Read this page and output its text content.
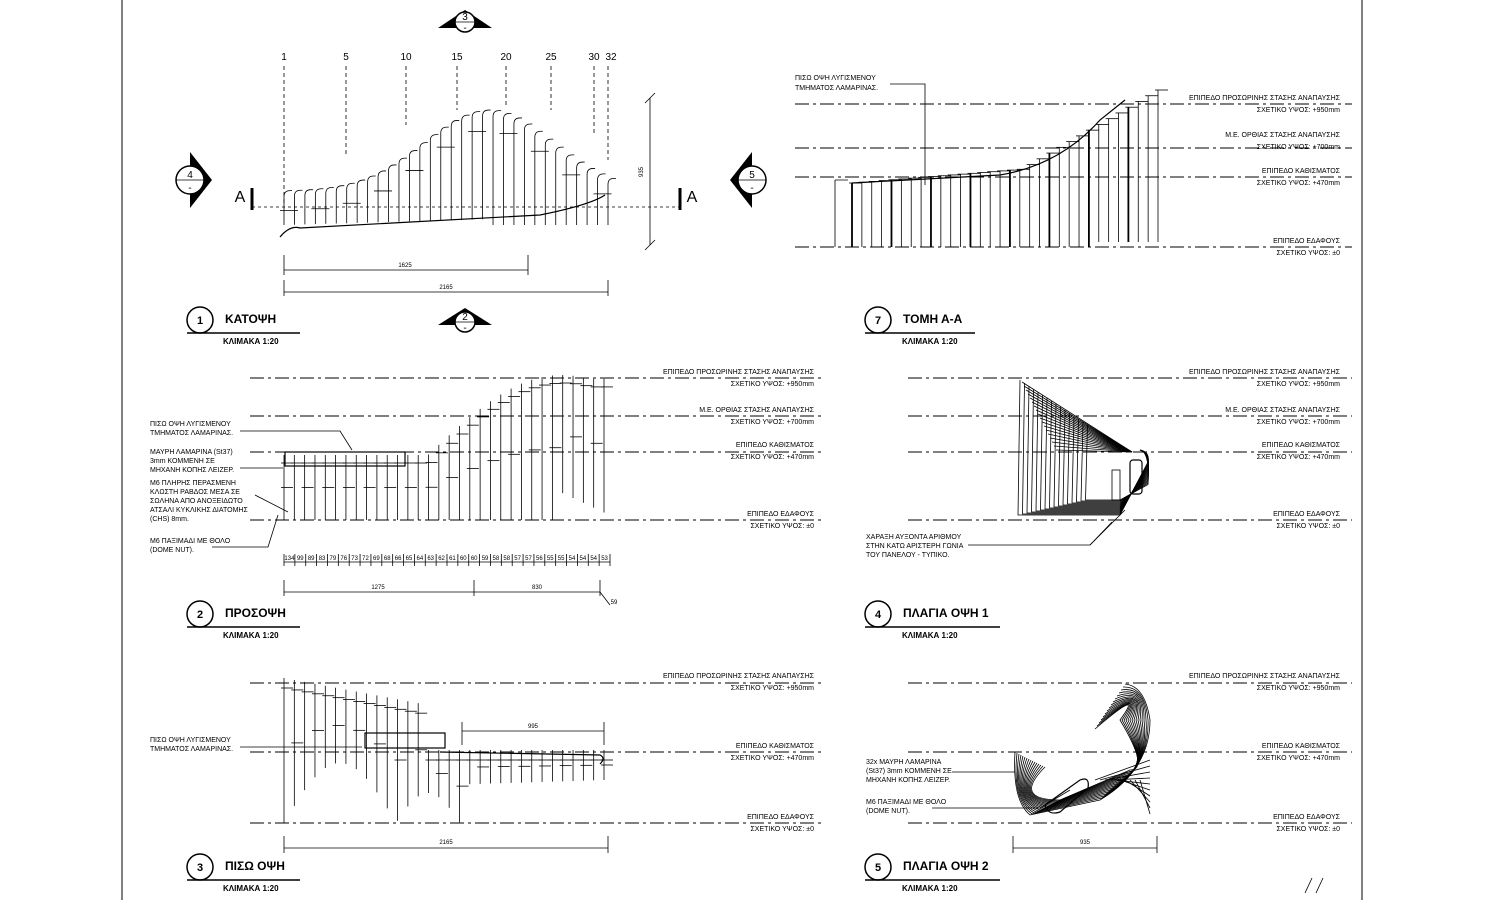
1	5	10	15	20	25	30 32
3
-
4
-
5
-
2
-
A	A
935
1625
2165
1 ΚΑΤΟΨΗ
ΚΛΙΜΑΚΑ 1:20
ΕΠΙΠΕΔΟ ΠΡΟΣΩΡΙΝΗΣ ΣΤΑΣΗΣ ΑΝΑΠΑΥΣΗΣ
ΣΧΕΤΙΚΟ ΥΨΟΣ: +950mm
Μ.Ε. ΟΡΘΙΑΣ ΣΤΑΣΗΣ ΑΝΑΠΑΥΣΗΣ
ΣΧΕΤΙΚΟ ΥΨΟΣ: +700mm
ΕΠΙΠΕΔΟ ΚΑΘΙΣΜΑΤΟΣ
ΣΧΕΤΙΚΟ ΥΨΟΣ: +470mm
ΕΠΙΠΕΔΟ ΕΔΑΦΟΥΣ
ΣΧΕΤΙΚΟ ΥΨΟΣ: ±0
ΠΙΣΩ ΟΨΗ ΛΥΓΙΣΜΕΝΟΥ
ΤΜΗΜΑΤΟΣ ΛΑΜΑΡΙΝΑΣ.
7 ΤΟΜΗ Α-Α
ΚΛΙΜΑΚΑ 1:20
ΕΠΙΠΕΔΟ ΠΡΟΣΩΡΙΝΗΣ ΣΤΑΣΗΣ ΑΝΑΠΑΥΣΗΣ
ΣΧΕΤΙΚΟ ΥΨΟΣ: +950mm
Μ.Ε. ΟΡΘΙΑΣ ΣΤΑΣΗΣ ΑΝΑΠΑΥΣΗΣ
ΣΧΕΤΙΚΟ ΥΨΟΣ: +700mm
ΕΠΙΠΕΔΟ ΚΑΘΙΣΜΑΤΟΣ
ΣΧΕΤΙΚΟ ΥΨΟΣ: +470mm
ΕΠΙΠΕΔΟ ΕΔΑΦΟΥΣ
ΣΧΕΤΙΚΟ ΥΨΟΣ: ±0
ΠΙΣΩ ΟΨΗ ΛΥΓΙΣΜΕΝΟΥ
ΤΜΗΜΑΤΟΣ ΛΑΜΑΡΙΝΑΣ.
ΜΑΥΡΗ ΛΑΜΑΡΙΝΑ (St37)
3mm ΚΟΜΜΕΝΗ ΣΕ
ΜΗΧΑΝΗ ΚΟΠΗΣ ΛΕΙΖΕΡ.
Μ6 ΠΛΗΡΗΣ ΠΕΡΑΣΜΕΝΗ
ΚΛΩΣΤΗ ΡΑΒΔΟΣ ΜΕΣΑ ΣΕ
ΣΩΛΗΝΑ ΑΠΟ ΑΝΟΞΕΙΔΩΤΟ
ΑΤΣΑΛΙ ΚΥΚΛΙΚΗΣ ΔΙΑΤΟΜΗΣ
(CHS) 8mm.
Μ6 ΠΑΞΙΜΑΔΙ ΜΕ ΘΟΛΟ
(DOME NUT).
134 99 89 83 79 76 73 72 69 68 66 65 64 63 62 61 60 60 59 58 58 57 57 56 55 55 54 54 54 53
1275	830
59
2 ΠΡΟΣΟΨΗ
ΚΛΙΜΑΚΑ 1:20
ΕΠΙΠΕΔΟ ΠΡΟΣΩΡΙΝΗΣ ΣΤΑΣΗΣ ΑΝΑΠΑΥΣΗΣ
ΣΧΕΤΙΚΟ ΥΨΟΣ: +950mm
Μ.Ε. ΟΡΘΙΑΣ ΣΤΑΣΗΣ ΑΝΑΠΑΥΣΗΣ
ΣΧΕΤΙΚΟ ΥΨΟΣ: +700mm
ΕΠΙΠΕΔΟ ΚΑΘΙΣΜΑΤΟΣ
ΣΧΕΤΙΚΟ ΥΨΟΣ: +470mm
ΕΠΙΠΕΔΟ ΕΔΑΦΟΥΣ
ΣΧΕΤΙΚΟ ΥΨΟΣ: ±0
ΧΑΡΑΞΗ ΑΥΞΟΝΤΑ ΑΡΙΘΜΟΥ
ΣΤΗΝ ΚΑΤΩ ΑΡΙΣΤΕΡΗ ΓΩΝΙΑ
ΤΟΥ ΠΑΝΕΛΟΥ - ΤΥΠΙΚΟ.
4 ΠΛΑΓΙΑ ΟΨΗ 1
ΚΛΙΜΑΚΑ 1:20
ΕΠΙΠΕΔΟ ΠΡΟΣΩΡΙΝΗΣ ΣΤΑΣΗΣ ΑΝΑΠΑΥΣΗΣ
ΣΧΕΤΙΚΟ ΥΨΟΣ: +950mm
ΕΠΙΠΕΔΟ ΚΑΘΙΣΜΑΤΟΣ
ΣΧΕΤΙΚΟ ΥΨΟΣ: +470mm
ΕΠΙΠΕΔΟ ΕΔΑΦΟΥΣ
ΣΧΕΤΙΚΟ ΥΨΟΣ: ±0
ΠΙΣΩ ΟΨΗ ΛΥΓΙΣΜΕΝΟΥ
ΤΜΗΜΑΤΟΣ ΛΑΜΑΡΙΝΑΣ.
995
2165
3 ΠΙΣΩ ΟΨΗ
ΚΛΙΜΑΚΑ 1:20
ΕΠΙΠΕΔΟ ΠΡΟΣΩΡΙΝΗΣ ΣΤΑΣΗΣ ΑΝΑΠΑΥΣΗΣ
ΣΧΕΤΙΚΟ ΥΨΟΣ: +950mm
ΕΠΙΠΕΔΟ ΚΑΘΙΣΜΑΤΟΣ
ΣΧΕΤΙΚΟ ΥΨΟΣ: +470mm
ΕΠΙΠΕΔΟ ΕΔΑΦΟΥΣ
ΣΧΕΤΙΚΟ ΥΨΟΣ: ±0
32x ΜΑΥΡΗ ΛΑΜΑΡΙΝΑ
(St37) 3mm ΚΟΜΜΕΝΗ ΣΕ
ΜΗΧΑΝΗ ΚΟΠΗΣ ΛΕΙΖΕΡ.
Μ6 ΠΑΞΙΜΑΔΙ ΜΕ ΘΟΛΟ
(DOME NUT).
935
5 ΠΛΑΓΙΑ ΟΨΗ 2
ΚΛΙΜΑΚΑ 1:20
